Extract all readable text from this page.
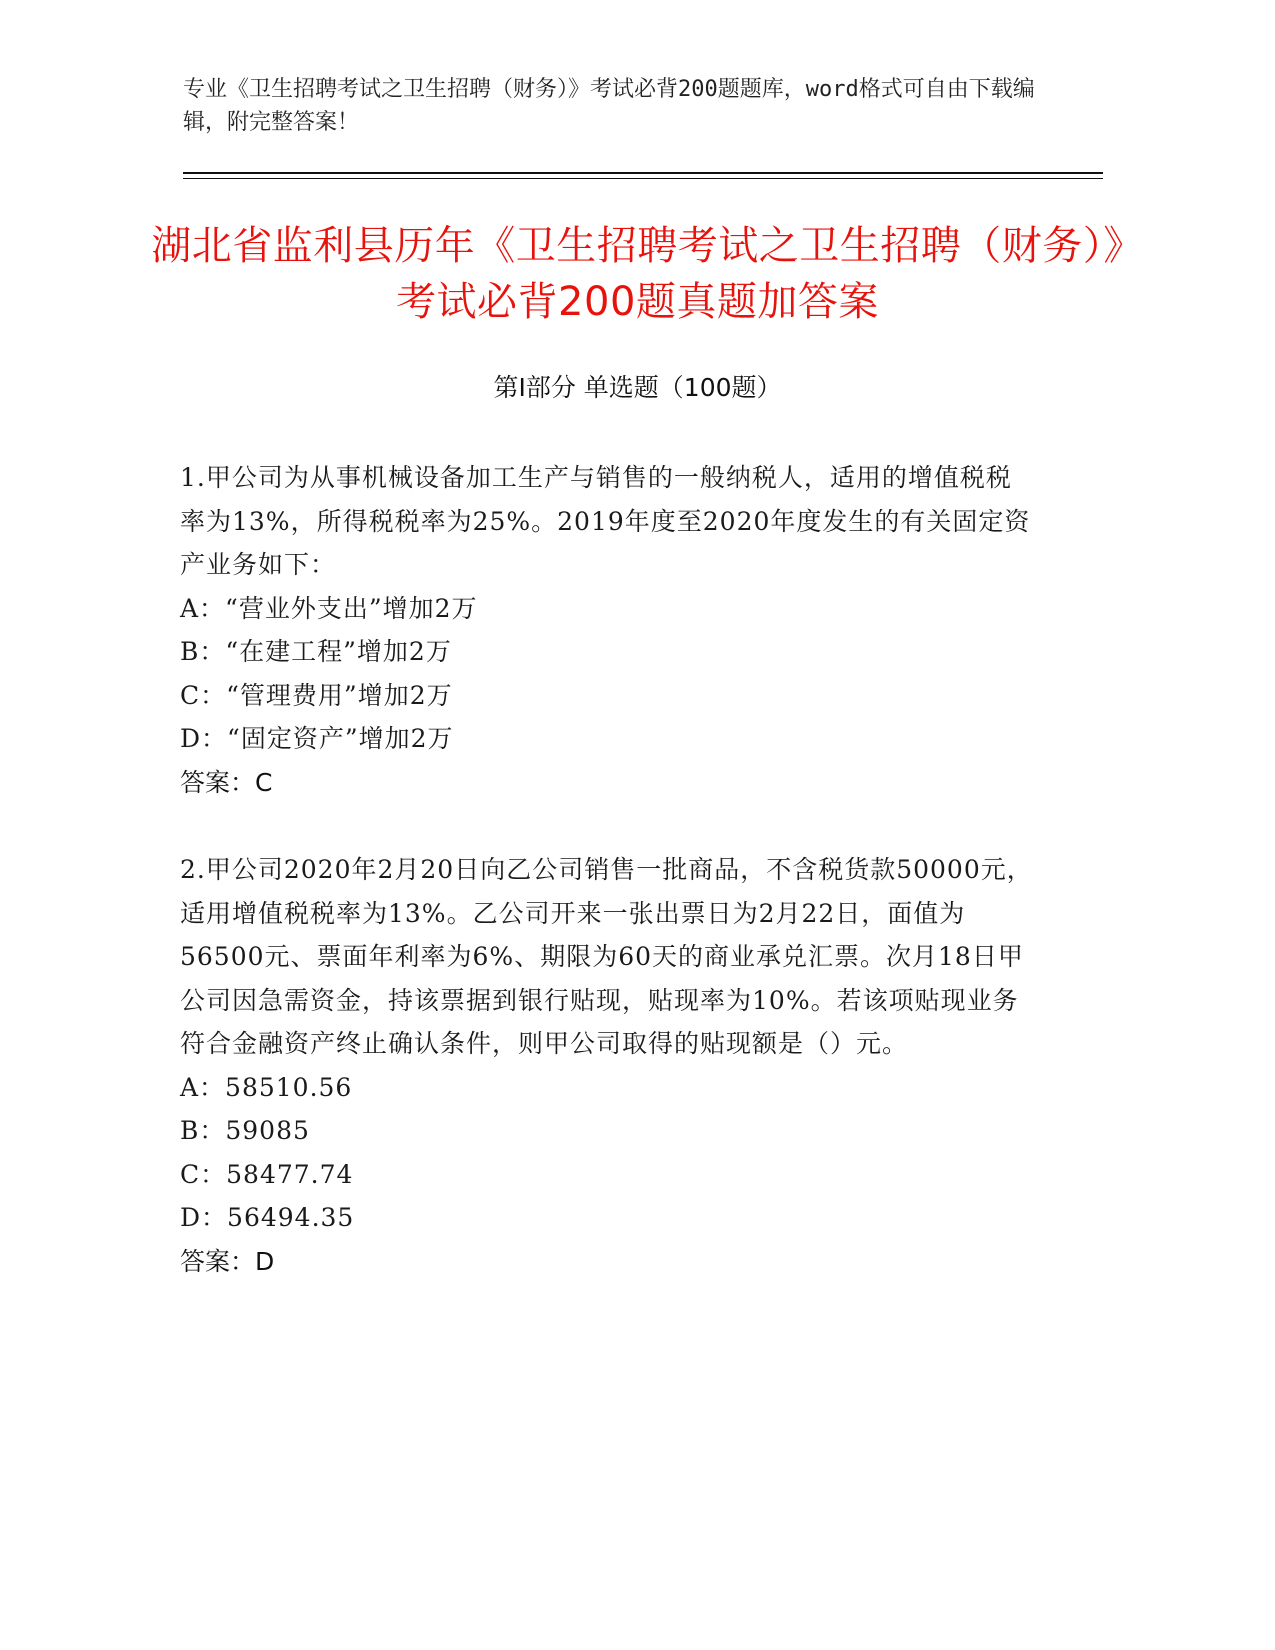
专业《卫生招聘考试之卫生招聘（财务）》考试必背200题题库，word格式可自由下载编辑，附完整答案！
湖北省监利县历年《卫生招聘考试之卫生招聘（财务）》考试必背200题真题加答案
第I部分 单选题（100题）
1.甲公司为从事机械设备加工生产与销售的一般纳税人，适用的增值税税率为13%，所得税税率为25%。2019年度至2020年度发生的有关固定资产业务如下：
A：“营业外支出”增加2万
B：“在建工程”增加2万
C：“管理费用”增加2万
D：“固定资产”增加2万
答案：C
2.甲公司2020年2月20日向乙公司销售一批商品，不含税货款50000元，适用增值税税率为13%。乙公司开来一张出票日为2月22日，面值为56500元、票面年利率为6%、期限为60天的商业承兑汇票。次月18日甲公司因急需资金，持该票据到银行贴现，贴现率为10%。若该项贴现业务符合金融资产终止确认条件，则甲公司取得的贴现额是（）元。
A：58510.56
B：59085
C：58477.74
D：56494.35
答案：D
